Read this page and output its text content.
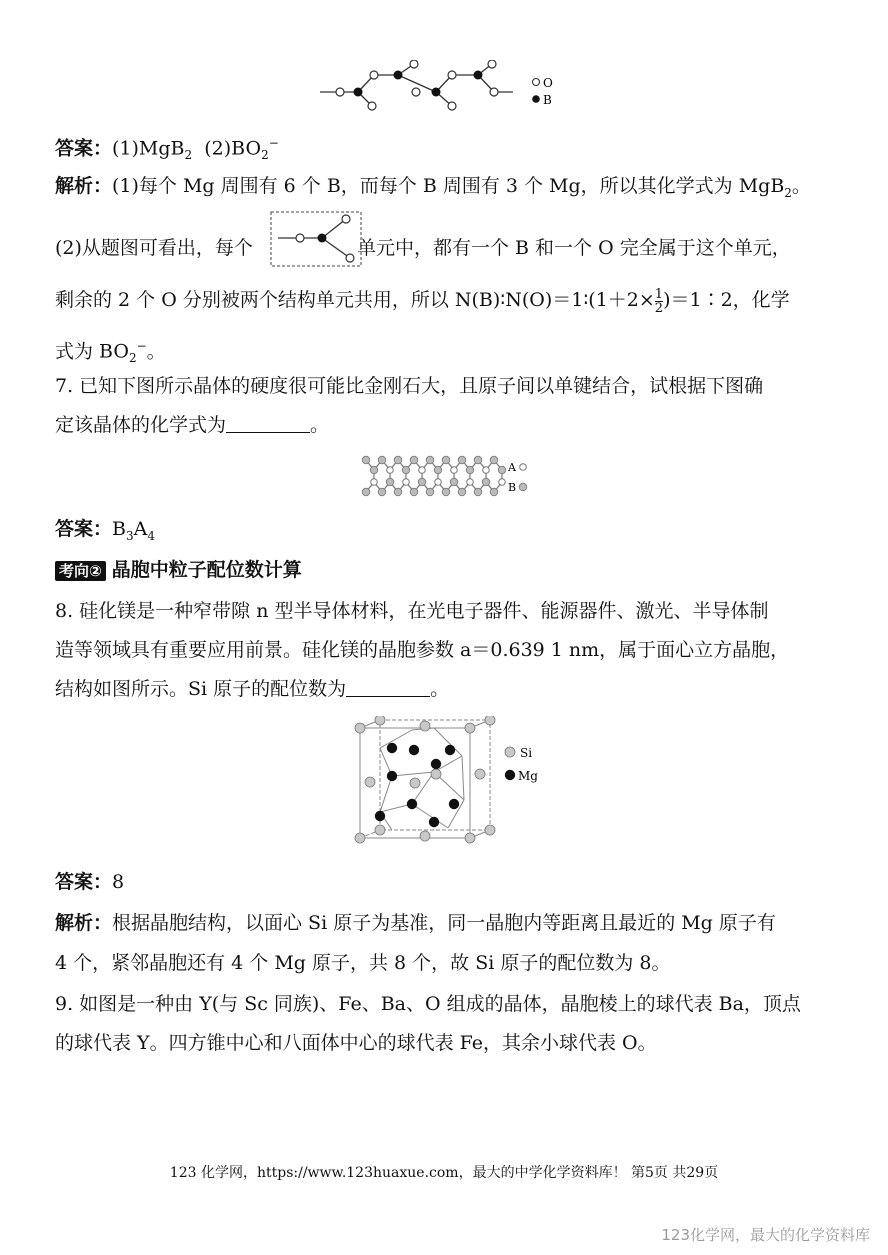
O
B
答案：(1)MgB$_2$ $(2)BO_2^-$
解析：(1)每个 Mg 周围有 6 个 B，而每个 B 周围有 3 个 Mg，所以其化学式为 MgB$_2$。
(2)从题图可看出，每个	单元中，都有一个 B 和一个 O 完全属于这个单元，
剩余的 2 个 O 分别被两个结构单元共用，所以 N(B)∶N(O)＝1∶(1＋2× $\frac{1}{2}$ )＝1∶2，化学
式为 $BO_2^-$。
7. 已知下图所示晶体的硬度很可能比金刚石大，且原子间以单键结合，试根据下图确
定该晶体的化学式为	。
A
B
答案：$B_3A_4$
考向② 晶胞中粒子配位数计算
8. 硅化镁是一种窄带隙 n 型半导体材料，在光电子器件、能源器件、激光、半导体制
造等领域具有重要应用前景。硅化镁的晶胞参数 a＝0.639 1 nm，属于面心立方晶胞，
结构如图所示。Si 原子的配位数为	。
Si
Mg
答案：8
解析：根据晶胞结构，以面心 Si 原子为基准，同一晶胞内等距离且最近的 Mg 原子有
4 个，紧邻晶胞还有 4 个 Mg 原子，共 8 个，故 Si 原子的配位数为 8。
9. 如图是一种由 Y(与 Sc 同族)、Fe、Ba、O 组成的晶体，晶胞棱上的球代表 Ba，顶点
的球代表 Y。四方锥中心和八面体中心的球代表 Fe，其余小球代表 O。
123 化学网，https://www.123huaxue.com，最大的中学化学资料库！ 第5页 共29页
123化学网，最大的化学资料库
